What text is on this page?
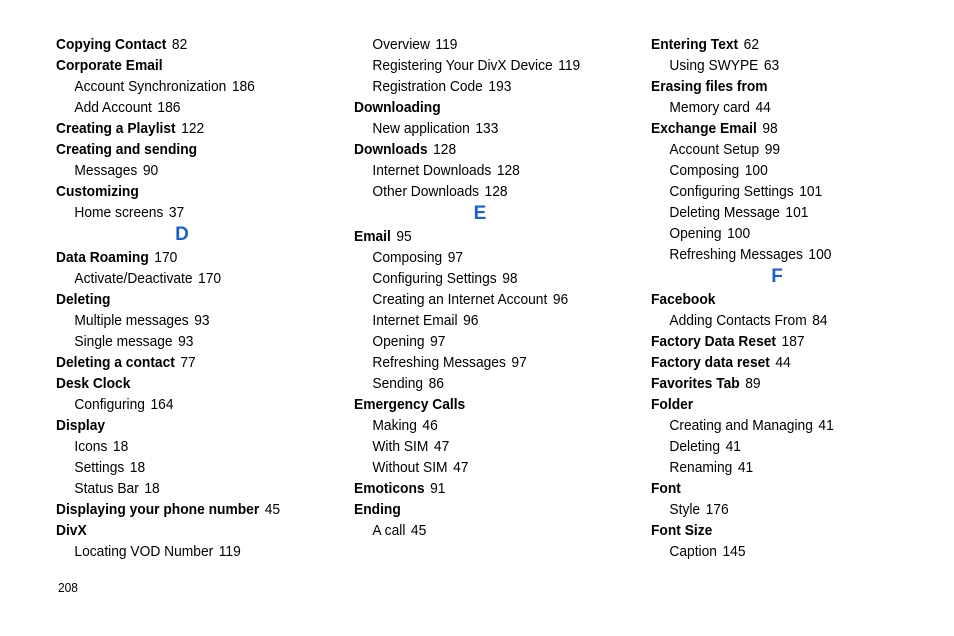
Copying Contact 82
Corporate Email
Account Synchronization 186
Add Account 186
Creating a Playlist 122
Creating and sending
Messages 90
Customizing
Home screens 37
D
Data Roaming 170
Activate/Deactivate 170
Deleting
Multiple messages 93
Single message 93
Deleting a contact 77
Desk Clock
Configuring 164
Display
Icons 18
Settings 18
Status Bar 18
Displaying your phone number 45
DivX
Locating VOD Number 119
Overview 119
Registering Your DivX Device 119
Registration Code 193
Downloading
New application 133
Downloads 128
Internet Downloads 128
Other Downloads 128
E
Email 95
Composing 97
Configuring Settings 98
Creating an Internet Account 96
Internet Email 96
Opening 97
Refreshing Messages 97
Sending 86
Emergency Calls
Making 46
With SIM 47
Without SIM 47
Emoticons 91
Ending
A call 45
Entering Text 62
Using SWYPE 63
Erasing files from
Memory card 44
Exchange Email 98
Account Setup 99
Composing 100
Configuring Settings 101
Deleting Message 101
Opening 100
Refreshing Messages 100
F
Facebook
Adding Contacts From 84
Factory Data Reset 187
Factory data reset 44
Favorites Tab 89
Folder
Creating and Managing 41
Deleting 41
Renaming 41
Font
Style 176
Font Size
Caption 145
208
